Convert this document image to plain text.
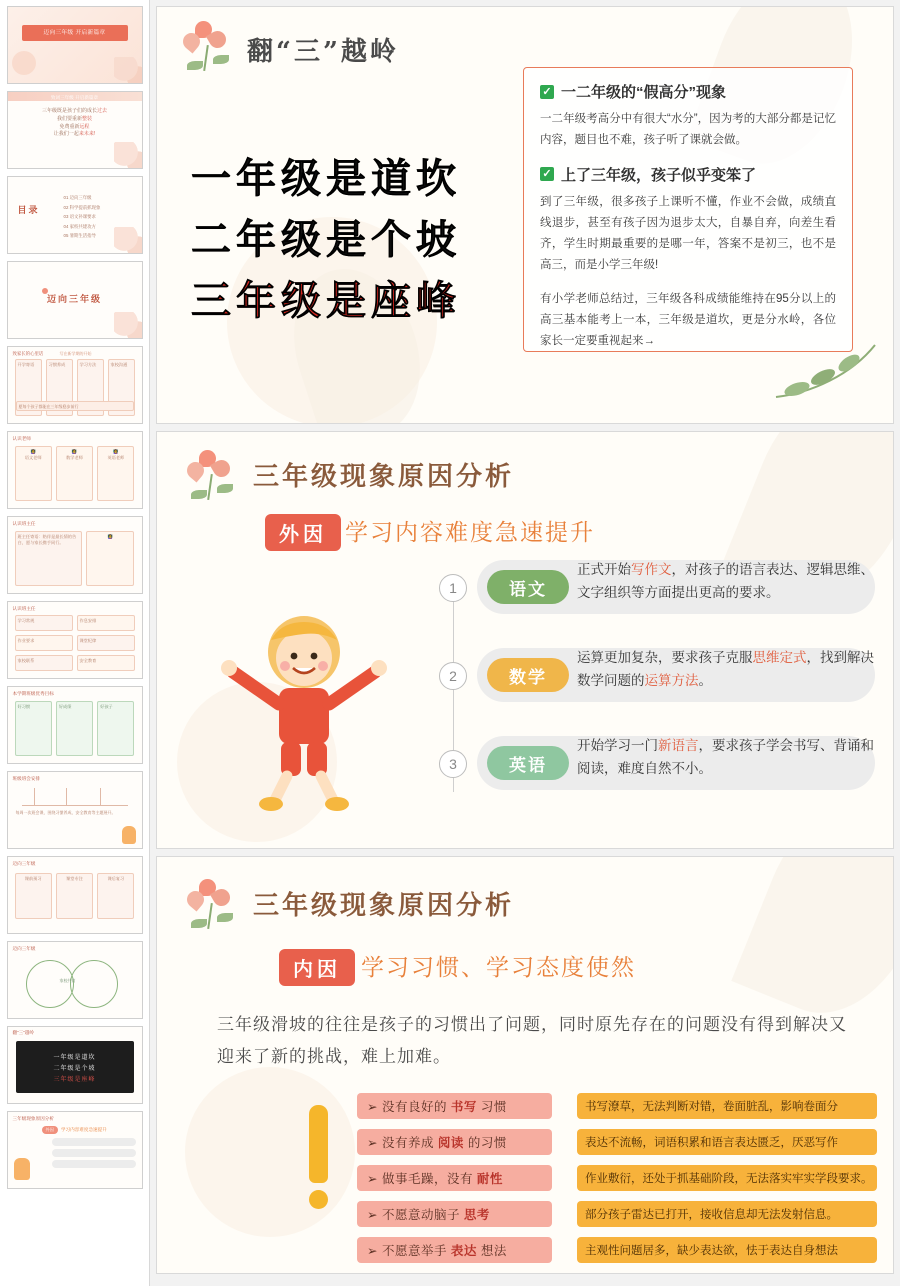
迈向三年级 开启新篇章
致词三年级 开启新篇章
三年级既是孩子们的成长过去
我们要重新整装
免费重新远程
让我们一起来未来!
目录
01 迈向三年级
02 科学提前抓现象
03 语文补课要求
04 家校共建攻方
05 暑期生活指导
迈向三年级
致家长的心里话	写在新学期的开始
开学寄语	习惯养成	学习方法	家校沟通
愿每个孩子都能在三年级稳步前行
认识老师
👩‍🏫
语文老师
👩‍🏫
数学老师
👩‍🏫
英语老师
认识班主任
班主任寄语：陪伴是最长情的告白，愿与家长携手同行。
👩‍🏫
认识班主任
学习常规	作息安排
作业要求	课堂纪律
家校联系	安全教育
本学期班级优秀目标
好习惯	好成绩	好孩子
班级班会安排
每周一次班会课，围绕习惯养成、安全教育等主题展开。
迈向三年级
课前预习	课堂专注	课后复习
迈向三年级
家校共育
翻“三”越岭
一年级是道坎
二年级是个坡
三年级是座峰
三年级现象原因分析
外因	学习内容难度急速提升
翻“三”越岭
一年级是道坎
二年级是个坡
三年级是座峰
✓ 一二年级的“假高分”现象
一二年级考高分中有很大“水分”，因为考的大部分都是记忆内容，题目也不难，孩子听了课就会做。
✓ 上了三年级，孩子似乎变笨了
到了三年级，很多孩子上课听不懂，作业不会做，成绩直线退步，甚至有孩子因为退步太大，自暴自弃，向差生看齐，学生时期最重要的是哪一年，答案不是初三，也不是高三，而是小学三年级!
有小学老师总结过，三年级各科成绩能维持在95分以上的高三基本能考上一本，三年级是道坎，更是分水岭，各位家长一定要重视起来→
三年级现象原因分析
外因 学习内容难度急速提升
1	语文
正式开始写作文，对孩子的语言表达、逻辑思维、文字组织等方面提出更高的要求。
2	数学
运算更加复杂，要求孩子克服思维定式，找到解决数学问题的运算方法。
3	英语
开始学习一门新语言，要求孩子学会书写、背诵和阅读，难度自然不小。
三年级现象原因分析
内因 学习习惯、学习态度使然
三年级滑坡的往往是孩子的习惯出了问题，同时原先存在的问题没有得到解决又迎来了新的挑战，难上加难。
➢ 没有良好的 书写 习惯	书写潦草，无法判断对错，卷面脏乱，影响卷面分
➢ 没有养成 阅读 的习惯	表达不流畅，词语积累和语言表达匮乏，厌恶写作
➢ 做事毛躁，没有 耐性	作业敷衍，还处于抓基础阶段，无法落实牢实学段要求。
➢ 不愿意动脑子 思考	部分孩子雷达已打开，接收信息却无法发射信息。
➢ 不愿意举手 表达 想法	主观性问题居多，缺少表达欲，怯于表达自身想法
